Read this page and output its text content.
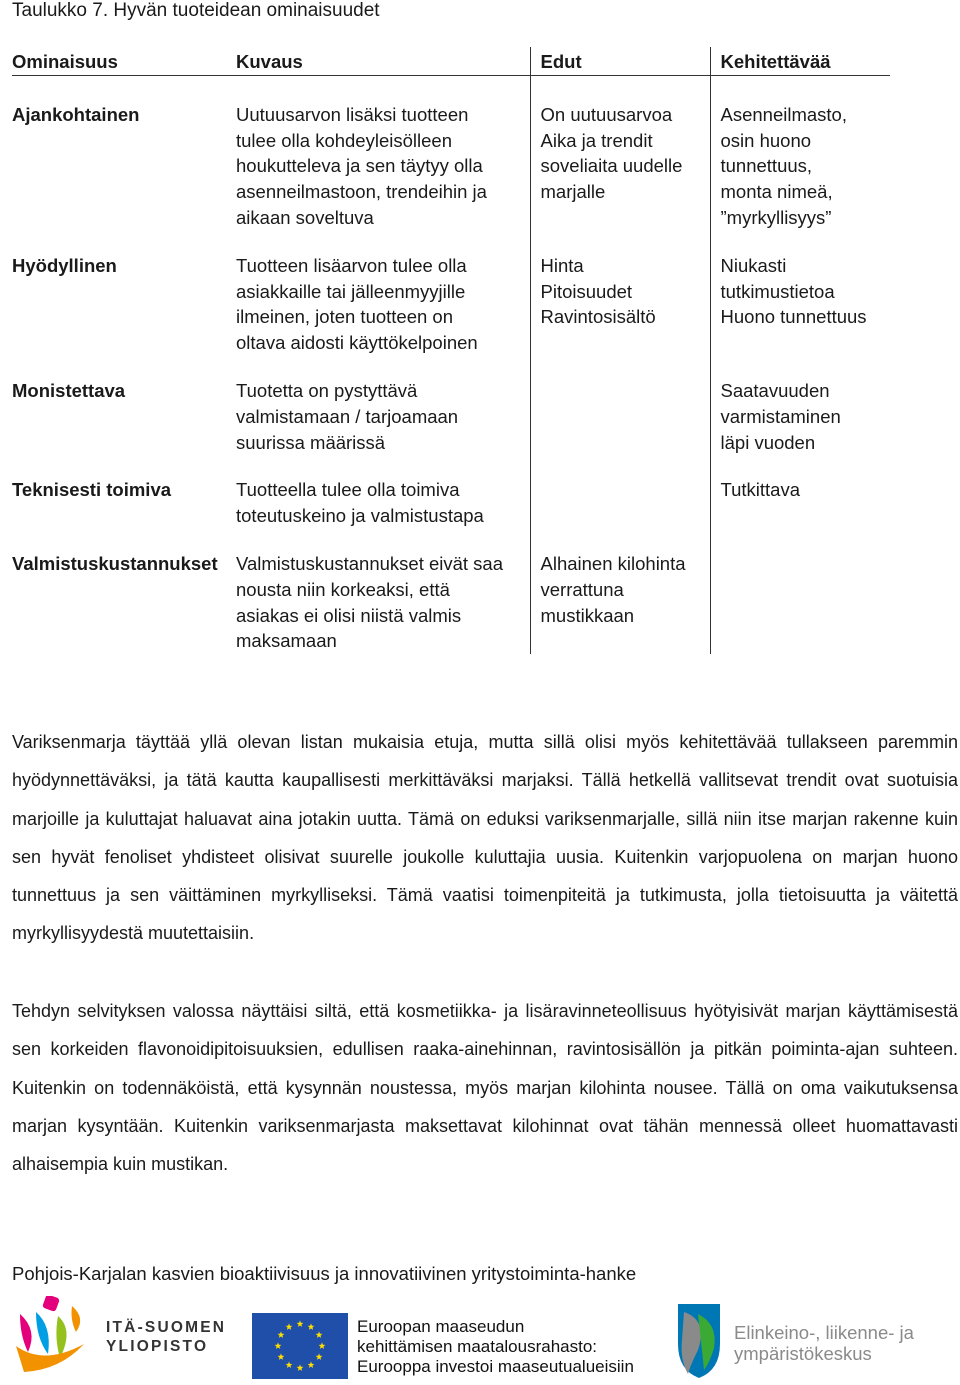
Taulukko 7. Hyvän tuoteidean ominaisuudet
Ominaisuus	Kuvaus	Edut	Kehitettävää

Ajankohtainen	Uutuusarvon lisäksi tuotteen
tulee olla kohdeyleisölleen
houkutteleva ja sen täytyy olla
asenneilmastoon, trendeihin ja
aikaan soveltuva	On uutuusarvoa
Aika ja trendit
soveliaita uudelle
marjalle	Asenneilmasto,
osin huono
tunnettuus,
monta nimeä,
”myrkyllisyys”

Hyödyllinen	Tuotteen lisäarvon tulee olla
asiakkaille tai jälleenmyyjille
ilmeinen, joten tuotteen on
oltava aidosti käyttökelpoinen	Hinta
Pitoisuudet
Ravintosisältö	Niukasti
tutkimustietoa
Huono tunnettuus

Monistettava	Tuotetta on pystyttävä
valmistamaan / tarjoamaan
suurissa määrissä		Saatavuuden
varmistaminen
läpi vuoden

Teknisesti toimiva	Tuotteella tulee olla toimiva
toteutuskeino ja valmistustapa		Tutkittava

Valmistuskustannukset	Valmistuskustannukset eivät saa
nousta niin korkeaksi, että
asiakas ei olisi niistä valmis
maksamaan	Alhainen kilohinta
verrattuna
mustikkaan	

Variksenmarja täyttää yllä olevan listan mukaisia etuja, mutta sillä olisi myös kehitettävää tullakseen paremmin hyödynnettäväksi, ja tätä kautta kaupallisesti merkittäväksi marjaksi. Tällä hetkellä vallitsevat trendit ovat suotuisia marjoille ja kuluttajat haluavat aina jotakin uutta. Tämä on eduksi variksenmarjalle, sillä niin itse marjan rakenne kuin sen hyvät fenoliset yhdisteet olisivat suurelle joukolle kuluttajia uusia. Kuitenkin varjopuolena on marjan huono tunnettuus ja sen väittäminen myrkylliseksi. Tämä vaatisi toimenpiteitä ja tutkimusta, jolla tietoisuutta ja väitettä myrkyllisyydestä muutettaisiin.

Tehdyn selvityksen valossa näyttäisi siltä, että kosmetiikka- ja lisäravinneteollisuus hyötyisivät marjan käyttämisestä sen korkeiden flavonoidipitoisuuksien, edullisen raaka-ainehinnan, ravintosisällön ja pitkän poiminta-ajan suhteen. Kuitenkin on todennäköistä, että kysynnän noustessa, myös marjan kilohinta nousee. Tällä on oma vaikutuksensa marjan kysyntään. Kuitenkin variksenmarjasta maksettavat kilohinnat ovat tähän mennessä olleet huomattavasti alhaisempia kuin mustikan.

Pohjois-Karjalan kasvien bioaktiivisuus ja innovatiivinen yritystoiminta-hanke
ITÄ-SUOMEN
YLIOPISTO
Euroopan maaseudun
kehittämisen maatalousrahasto:
Eurooppa investoi maaseutualueisiin
Elinkeino-, liikenne- ja
ympäristökeskus
